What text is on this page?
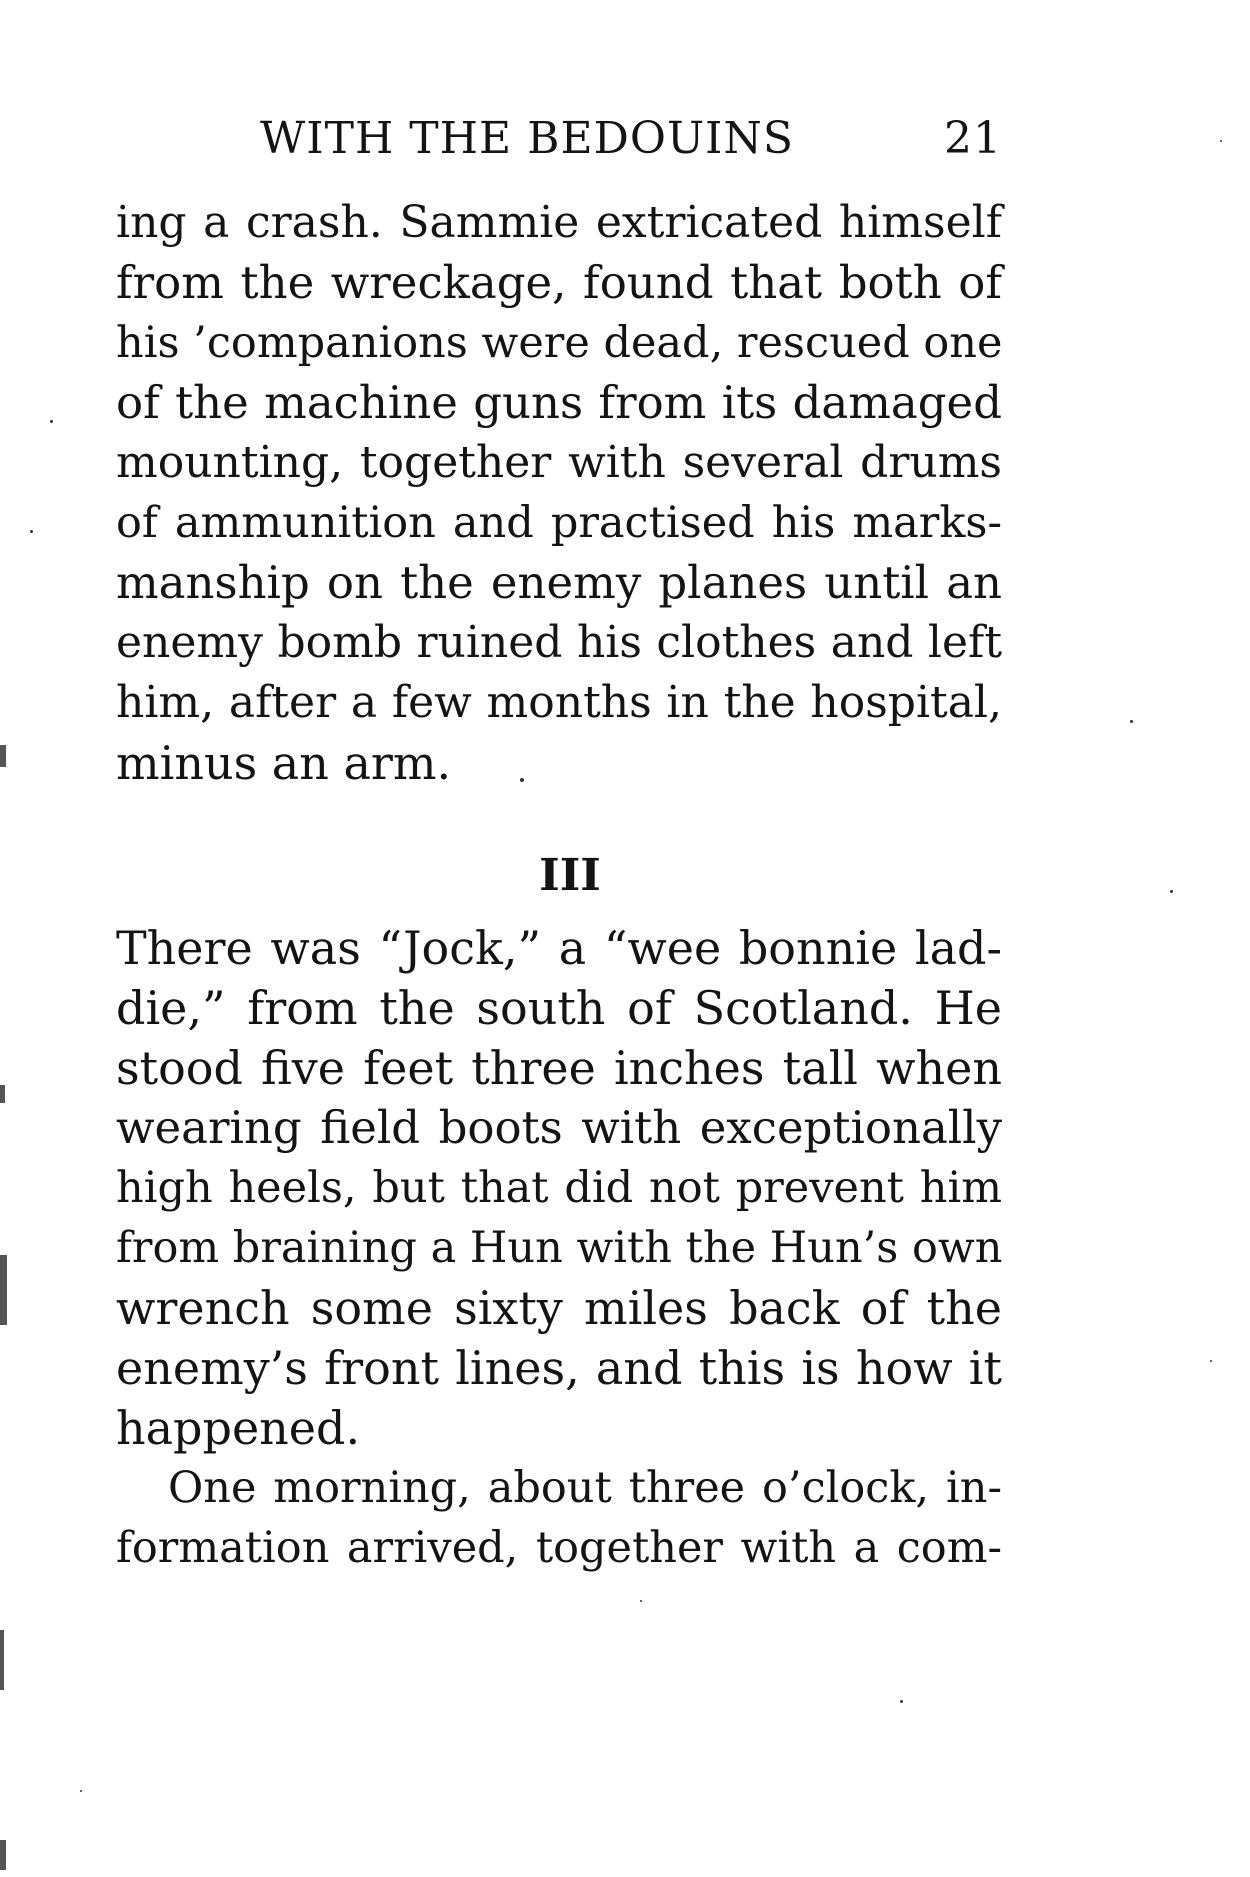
WITH THE BEDOUINS	21
ing a crash. Sammie extricated himself
from the wreckage, found that both of
his ’companions were dead, rescued one
of the machine guns from its damaged
mounting, together with several drums
of ammunition and practised his marks-
manship on the enemy planes until an
enemy bomb ruined his clothes and left
him, after a few months in the hospital,
minus an arm.
III
There was “Jock,” a “wee bonnie lad-
die,” from the south of Scotland. He
stood five feet three inches tall when
wearing field boots with exceptionally
high heels, but that did not prevent him
from braining a Hun with the Hun’s own
wrench some sixty miles back of the
enemy’s front lines, and this is how it
happened.
One morning, about three o’clock, in-
formation arrived, together with a com-
